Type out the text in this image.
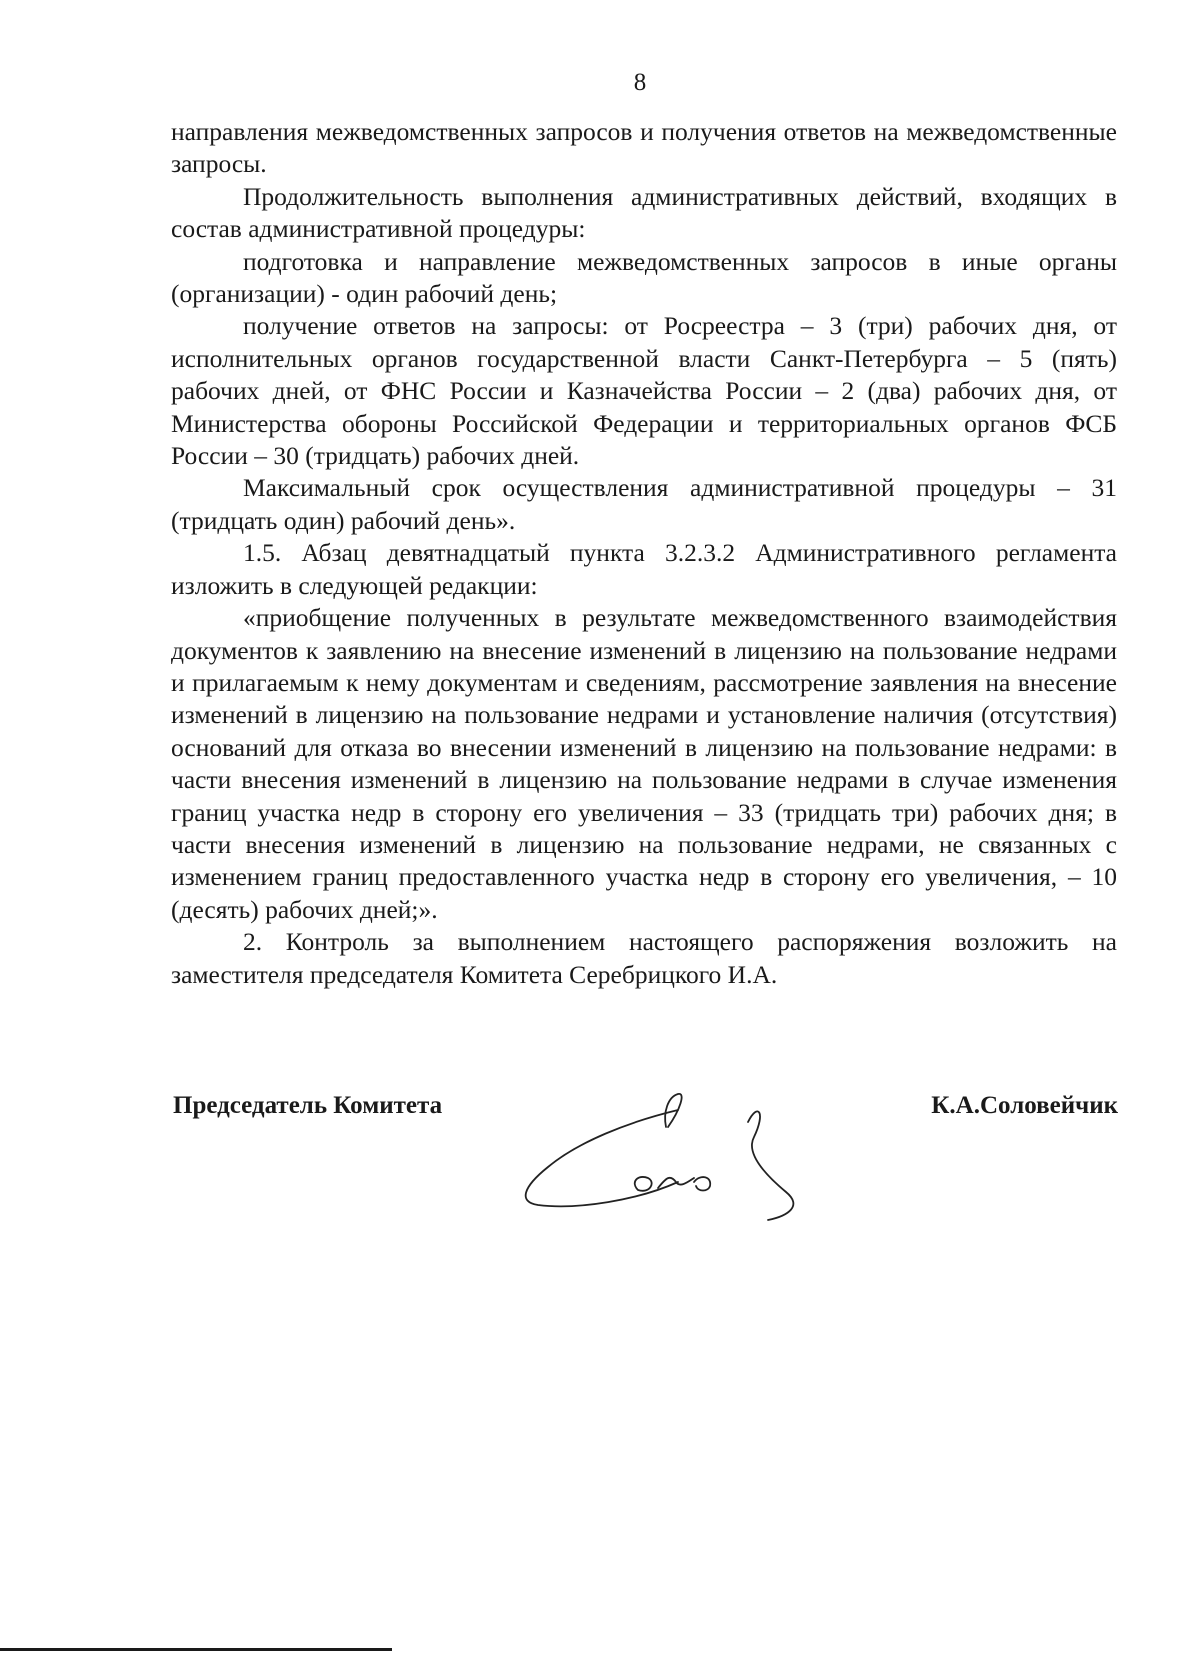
8

направления межведомственных запросов и получения ответов на межведомственные запросы.

Продолжительность выполнения административных действий, входящих в состав административной процедуры:

подготовка и направление межведомственных запросов в иные органы (организации) - один рабочий день;

получение ответов на запросы: от Росреестра – 3 (три) рабочих дня, от исполнительных органов государственной власти Санкт-Петербурга – 5 (пять) рабочих дней, от ФНС России и Казначейства России – 2 (два) рабочих дня, от Министерства обороны Российской Федерации и территориальных органов ФСБ России – 30 (тридцать) рабочих дней.

Максимальный срок осуществления административной процедуры – 31 (тридцать один) рабочий день».

1.5. Абзац девятнадцатый пункта 3.2.3.2 Административного регламента изложить в следующей редакции:

«приобщение полученных в результате межведомственного взаимодействия документов к заявлению на внесение изменений в лицензию на пользование недрами и прилагаемым к нему документам и сведениям, рассмотрение заявления на внесение изменений в лицензию на пользование недрами и установление наличия (отсутствия) оснований для отказа во внесении изменений в лицензию на пользование недрами: в части внесения изменений в лицензию на пользование недрами в случае изменения границ участка недр в сторону его увеличения – 33 (тридцать три) рабочих дня; в части внесения изменений в лицензию на пользование недрами, не связанных с изменением границ предоставленного участка недр в сторону его увеличения, – 10 (десять) рабочих дней;».

2. Контроль за выполнением настоящего распоряжения возложить на заместителя председателя Комитета Серебрицкого И.А.

Председатель Комитета	К.А.Соловейчик
